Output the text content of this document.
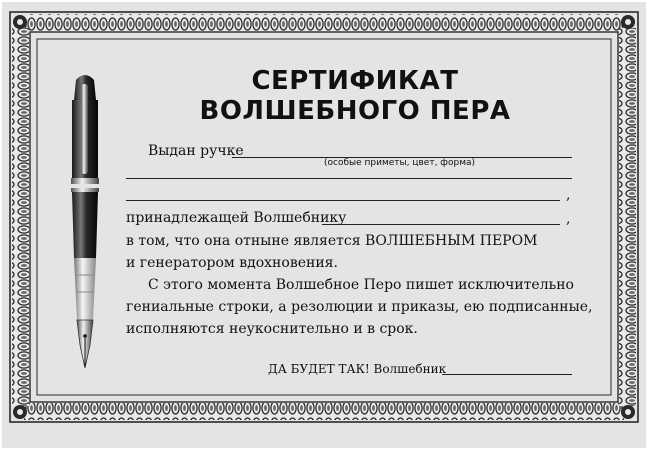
СЕРТИФИКАТ
ВОЛШЕБНОГО ПЕРА
Выдан ручке
(особые приметы, цвет, форма)
,
принадлежащей Волшебнику	,
в том, что она отныне является ВОЛШЕБНЫМ ПЕРОМ
и генератором вдохновения.
С этого момента Волшебное Перо пишет исключительно
гениальные строки, а резолюции и приказы, ею подписанные,
исполняются неукоснительно и в срок.
ДА БУДЕТ ТАК! Волшебник
